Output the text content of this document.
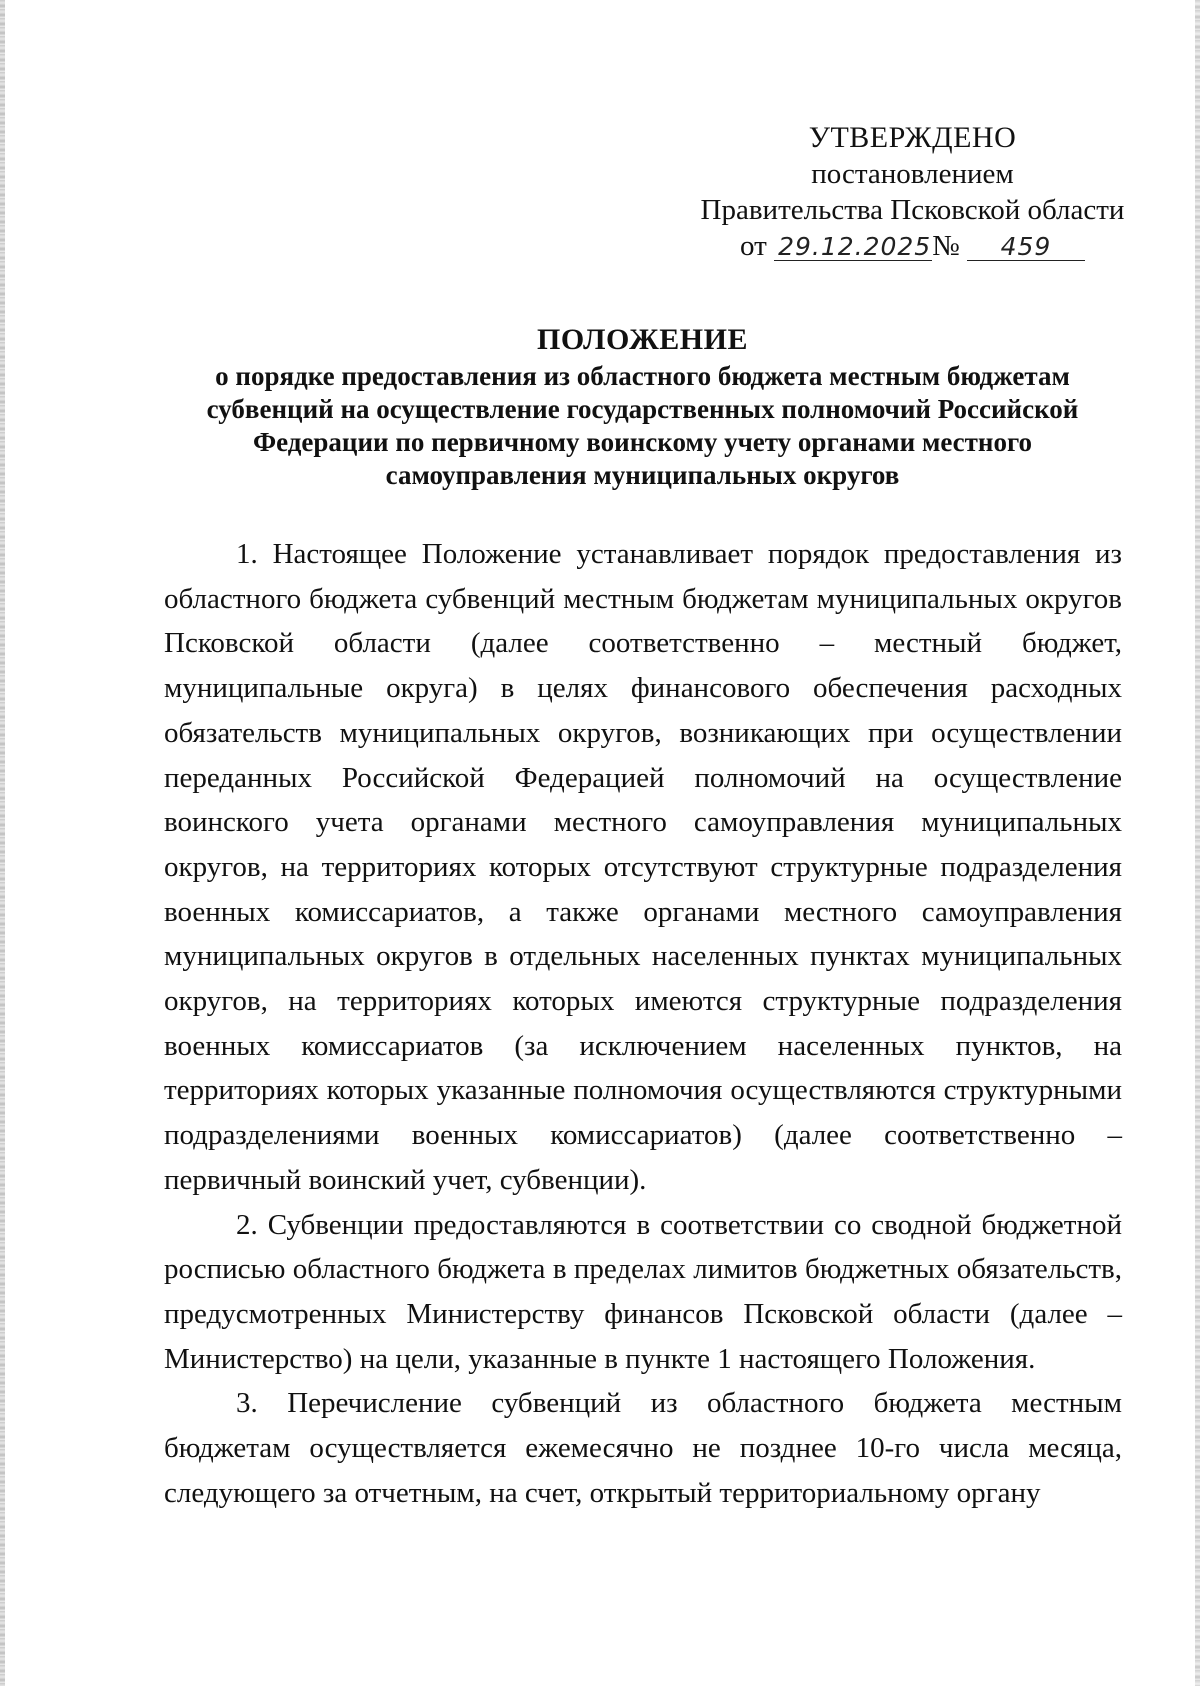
УТВЕРЖДЕНО

постановлением
Правительства Псковской области
от 29.12.2025№ 459
ПОЛОЖЕНИЕ
о порядке предоставления из областного бюджета местным бюджетам субвенций на осуществление государственных полномочий Российской Федерации по первичному воинскому учету органами местного самоуправления муниципальных округов

1. Настоящее Положение устанавливает порядок предоставления из областного бюджета субвенций местным бюджетам муниципальных округов Псковской области (далее соответственно – местный бюджет, муниципальные округа) в целях финансового обеспечения расходных обязательств муниципальных округов, возникающих при осуществлении переданных Российской Федерацией полномочий на осуществление воинского учета органами местного самоуправления муниципальных округов, на территориях которых отсутствуют структурные подразделения военных комиссариатов, а также органами местного самоуправления муниципальных округов в отдельных населенных пунктах муниципальных округов, на территориях которых имеются структурные подразделения военных комиссариатов (за исключением населенных пунктов, на территориях которых указанные полномочия осуществляются структурными подразделениями военных комиссариатов) (далее соответственно – первичный воинский учет, субвенции).

2. Субвенции предоставляются в соответствии со сводной бюджетной росписью областного бюджета в пределах лимитов бюджетных обязательств, предусмотренных Министерству финансов Псковской области (далее – Министерство) на цели, указанные в пункте 1 настоящего Положения.

3. Перечисление субвенций из областного бюджета местным бюджетам осуществляется ежемесячно не позднее 10-го числа месяца, следующего за отчетным, на счет, открытый территориальному органу
